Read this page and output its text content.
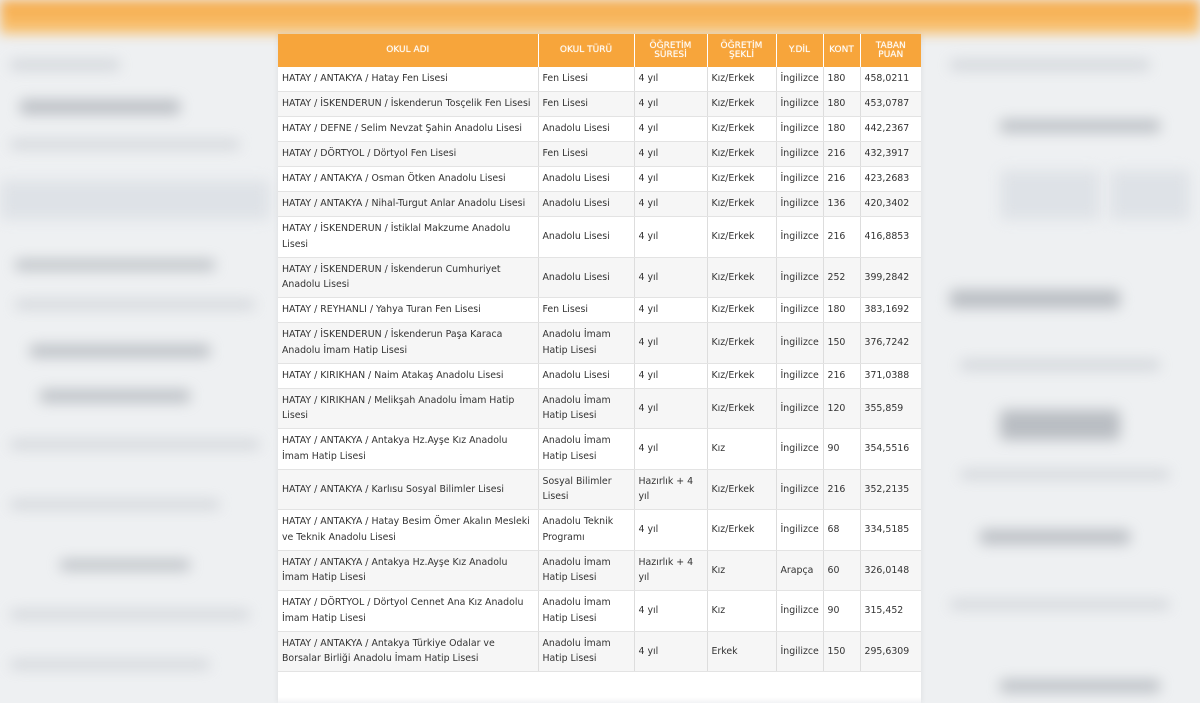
OKUL ADI	OKUL TÜRÜ	ÖĞRETİM SÜRESİ	ÖĞRETİM ŞEKLİ	Y.DİL	KONT	TABAN PUAN
HATAY / ANTAKYA / Hatay Fen Lisesi	Fen Lisesi	4 yıl	Kız/Erkek	İngilizce	180	458,0211
HATAY / İSKENDERUN / İskenderun Tosçelik Fen Lisesi	Fen Lisesi	4 yıl	Kız/Erkek	İngilizce	180	453,0787
HATAY / DEFNE / Selim Nevzat Şahin Anadolu Lisesi	Anadolu Lisesi	4 yıl	Kız/Erkek	İngilizce	180	442,2367
HATAY / DÖRTYOL / Dörtyol Fen Lisesi	Fen Lisesi	4 yıl	Kız/Erkek	İngilizce	216	432,3917
HATAY / ANTAKYA / Osman Ötken Anadolu Lisesi	Anadolu Lisesi	4 yıl	Kız/Erkek	İngilizce	216	423,2683
HATAY / ANTAKYA / Nihal-Turgut Anlar Anadolu Lisesi	Anadolu Lisesi	4 yıl	Kız/Erkek	İngilizce	136	420,3402
HATAY / İSKENDERUN / İstiklal Makzume Anadolu Lisesi	Anadolu Lisesi	4 yıl	Kız/Erkek	İngilizce	216	416,8853
HATAY / İSKENDERUN / İskenderun Cumhuriyet Anadolu Lisesi	Anadolu Lisesi	4 yıl	Kız/Erkek	İngilizce	252	399,2842
HATAY / REYHANLI / Yahya Turan Fen Lisesi	Fen Lisesi	4 yıl	Kız/Erkek	İngilizce	180	383,1692
HATAY / İSKENDERUN / İskenderun Paşa Karaca Anadolu İmam Hatip Lisesi	Anadolu İmam Hatip Lisesi	4 yıl	Kız/Erkek	İngilizce	150	376,7242
HATAY / KIRIKHAN / Naim Atakaş Anadolu Lisesi	Anadolu Lisesi	4 yıl	Kız/Erkek	İngilizce	216	371,0388
HATAY / KIRIKHAN / Melikşah Anadolu İmam Hatip Lisesi	Anadolu İmam Hatip Lisesi	4 yıl	Kız/Erkek	İngilizce	120	355,859
HATAY / ANTAKYA / Antakya Hz.Ayşe Kız Anadolu İmam Hatip Lisesi	Anadolu İmam Hatip Lisesi	4 yıl	Kız	İngilizce	90	354,5516
HATAY / ANTAKYA / Karlısu Sosyal Bilimler Lisesi	Sosyal Bilimler Lisesi	Hazırlık + 4 yıl	Kız/Erkek	İngilizce	216	352,2135
HATAY / ANTAKYA / Hatay Besim Ömer Akalın Mesleki ve Teknik Anadolu Lisesi	Anadolu Teknik Programı	4 yıl	Kız/Erkek	İngilizce	68	334,5185
HATAY / ANTAKYA / Antakya Hz.Ayşe Kız Anadolu İmam Hatip Lisesi	Anadolu İmam Hatip Lisesi	Hazırlık + 4 yıl	Kız	Arapça	60	326,0148
HATAY / DÖRTYOL / Dörtyol Cennet Ana Kız Anadolu İmam Hatip Lisesi	Anadolu İmam Hatip Lisesi	4 yıl	Kız	İngilizce	90	315,452
HATAY / ANTAKYA / Antakya Türkiye Odalar ve Borsalar Birliği Anadolu İmam Hatip Lisesi	Anadolu İmam Hatip Lisesi	4 yıl	Erkek	İngilizce	150	295,6309
